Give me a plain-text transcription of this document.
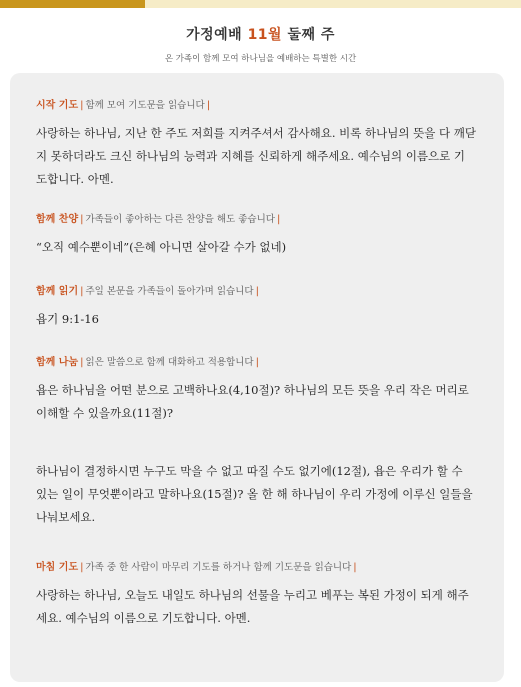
가정예배 11월 둘째 주
온 가족이 함께 모여 하나님을 예배하는 특별한 시간
시작 기도 | 함께 모여 기도문을 읽습니다 |
사랑하는 하나님, 지난 한 주도 저희를 지켜주셔서 감사해요. 비록 하나님의 뜻을 다 깨닫지 못하더라도 크신 하나님의 능력과 지혜를 신뢰하게 해주세요. 예수님의 이름으로 기도합니다. 아멘.
함께 찬양 | 가족들이 좋아하는 다른 찬양을 해도 좋습니다 |
“오직 예수뿐이네”(은혜 아니면 살아갈 수가 없네)
함께 읽기 | 주일 본문을 가족들이 돌아가며 읽습니다 |
욥기 9:1-16
함께 나눔 | 읽은 말씀으로 함께 대화하고 적용합니다 |
욥은 하나님을 어떤 분으로 고백하나요(4,10절)? 하나님의 모든 뜻을 우리 작은 머리로 이해할 수 있을까요(11절)?
하나님이 결정하시면 누구도 막을 수 없고 따질 수도 없기에(12절), 욥은 우리가 할 수 있는 일이 무엇뿐이라고 말하나요(15절)? 올 한 해 하나님이 우리 가정에 이루신 일들을 나눠보세요.
마침 기도 | 가족 중 한 사람이 마무리 기도를 하거나 함께 기도문을 읽습니다 |
사랑하는 하나님, 오늘도 내일도 하나님의 선물을 누리고 베푸는 복된 가정이 되게 해주세요. 예수님의 이름으로 기도합니다. 아멘.
